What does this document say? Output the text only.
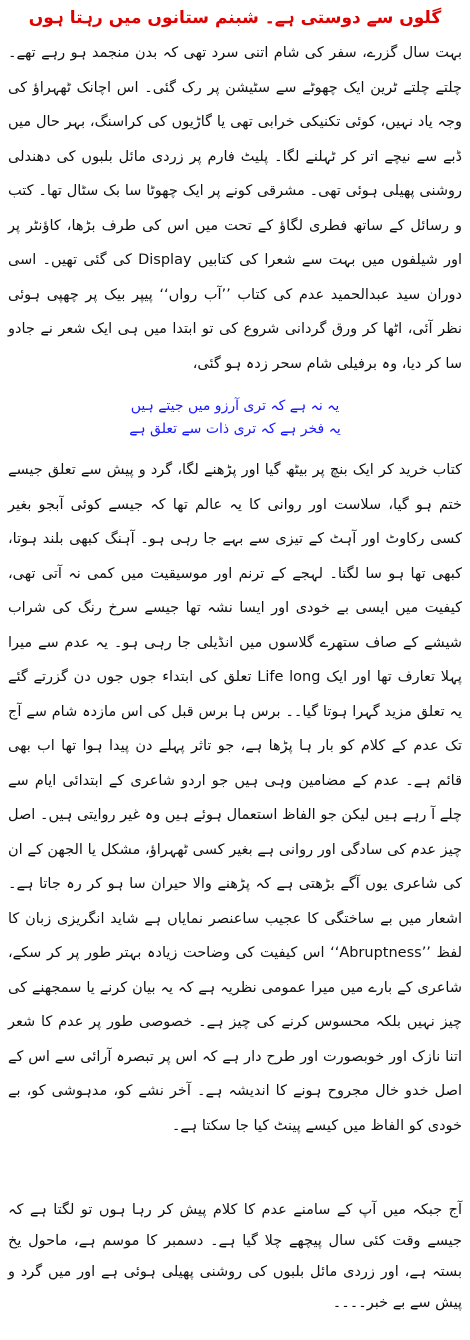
گلوں سے دوستی ہے۔ شبنم ستانوں میں رہتا ہوں

بہت سال گزرے، سفر کی شام اتنی سرد تھی کہ بدن منجمد ہو رہے تھے۔ چلتے چلتے ٹرین ایک چھوٹے سے سٹیشن پر رک گئی۔ اس اچانک ٹھہراؤ کی وجہ یاد نہیں، کوئی تکنیکی خرابی تھی یا گاڑیوں کی کراسنگ، بہر حال میں ڈبے سے نیچے اتر کر ٹہلنے لگا۔ پلیٹ فارم پر زردی مائل بلبوں کی دھندلی روشنی پھیلی ہوئی تھی۔ مشرقی کونے پر ایک چھوٹا سا بک سٹال تھا۔ کتب و رسائل کے ساتھ فطری لگاؤ کے تحت میں اس کی طرف بڑھا، کاؤنٹر پر اور شیلفوں میں بہت سے شعرا کی کتابیں Display کی گئی تھیں۔ اسی دوران سید عبدالحمید عدم کی کتاب ’’آب رواں‘‘ پیپر بیک پر چھپی ہوئی نظر آئی، اٹھا کر ورق گردانی شروع کی تو ابتدا میں ہی ایک شعر نے جادو سا کر دیا، وہ برفیلی شام سحر زدہ ہو گئی،

یہ نہ ہے کہ تری آرزو میں جیتے ہیں
یہ فخر ہے کہ تری ذات سے تعلق ہے

کتاب خرید کر ایک بنچ پر بیٹھ گیا اور پڑھنے لگا، گرد و پیش سے تعلق جیسے ختم ہو گیا، سلاست اور روانی کا یہ عالم تھا کہ جیسے کوئی آبجو بغیر کسی رکاوٹ اور آہٹ کے تیزی سے بہے جا رہی ہو۔ آہنگ کبھی بلند ہوتا، کبھی تھا ہو سا لگتا۔ لہجے کے ترنم اور موسیقیت میں کمی نہ آتی تھی، کیفیت میں ایسی بے خودی اور ایسا نشہ تھا جیسے سرخ رنگ کی شراب شیشے کے صاف ستھرے گلاسوں میں انڈیلی جا رہی ہو۔ یہ عدم سے میرا پہلا تعارف تھا اور ایک Life long تعلق کی ابتداء جوں جوں دن گزرتے گئے یہ تعلق مزید گہرا ہوتا گیا۔۔ برس ہا برس قبل کی اس مازدہ شام سے آج تک عدم کے کلام کو بار ہا پڑھا ہے، جو تاثر پہلے دن پیدا ہوا تھا اب بھی قائم ہے۔ عدم کے مضامین وہی ہیں جو اردو شاعری کے ابتدائی ایام سے چلے آ رہے ہیں لیکن جو الفاظ استعمال ہوئے ہیں وہ غیر روایتی ہیں۔ اصل چیز عدم کی سادگی اور روانی ہے بغیر کسی ٹھہراؤ، مشکل یا الجھن کے ان کی شاعری یوں آگے بڑھتی ہے کہ پڑھنے والا حیران سا ہو کر رہ جاتا ہے۔ اشعار میں بے ساختگی کا عجیب ساعنصر نمایاں ہے شاید انگریزی زبان کا لفظ ’’Abruptness‘‘ اس کیفیت کی وضاحت زیادہ بہتر طور پر کر سکے، شاعری کے بارے میں میرا عمومی نظریہ ہے کہ یہ بیان کرنے یا سمجھنے کی چیز نہیں بلکہ محسوس کرنے کی چیز ہے۔ خصوصی طور پر عدم کا شعر اتنا نازک اور خوبصورت اور طرح دار ہے کہ اس پر تبصرہ آرائی سے اس کے اصل خدو خال مجروح ہونے کا اندیشہ ہے۔ آخر نشے کو، مدہوشی کو، بے خودی کو الفاظ میں کیسے پینٹ کیا جا سکتا ہے۔

آج جبکہ میں آپ کے سامنے عدم کا کلام پیش کر رہا ہوں تو لگتا ہے کہ جیسے وقت کئی سال پیچھے چلا گیا ہے۔ دسمبر کا موسم ہے، ماحول یخ بستہ ہے، اور زردی مائل بلبوں کی روشنی پھیلی ہوئی ہے اور میں گرد و پیش سے بے خبر۔۔۔۔
